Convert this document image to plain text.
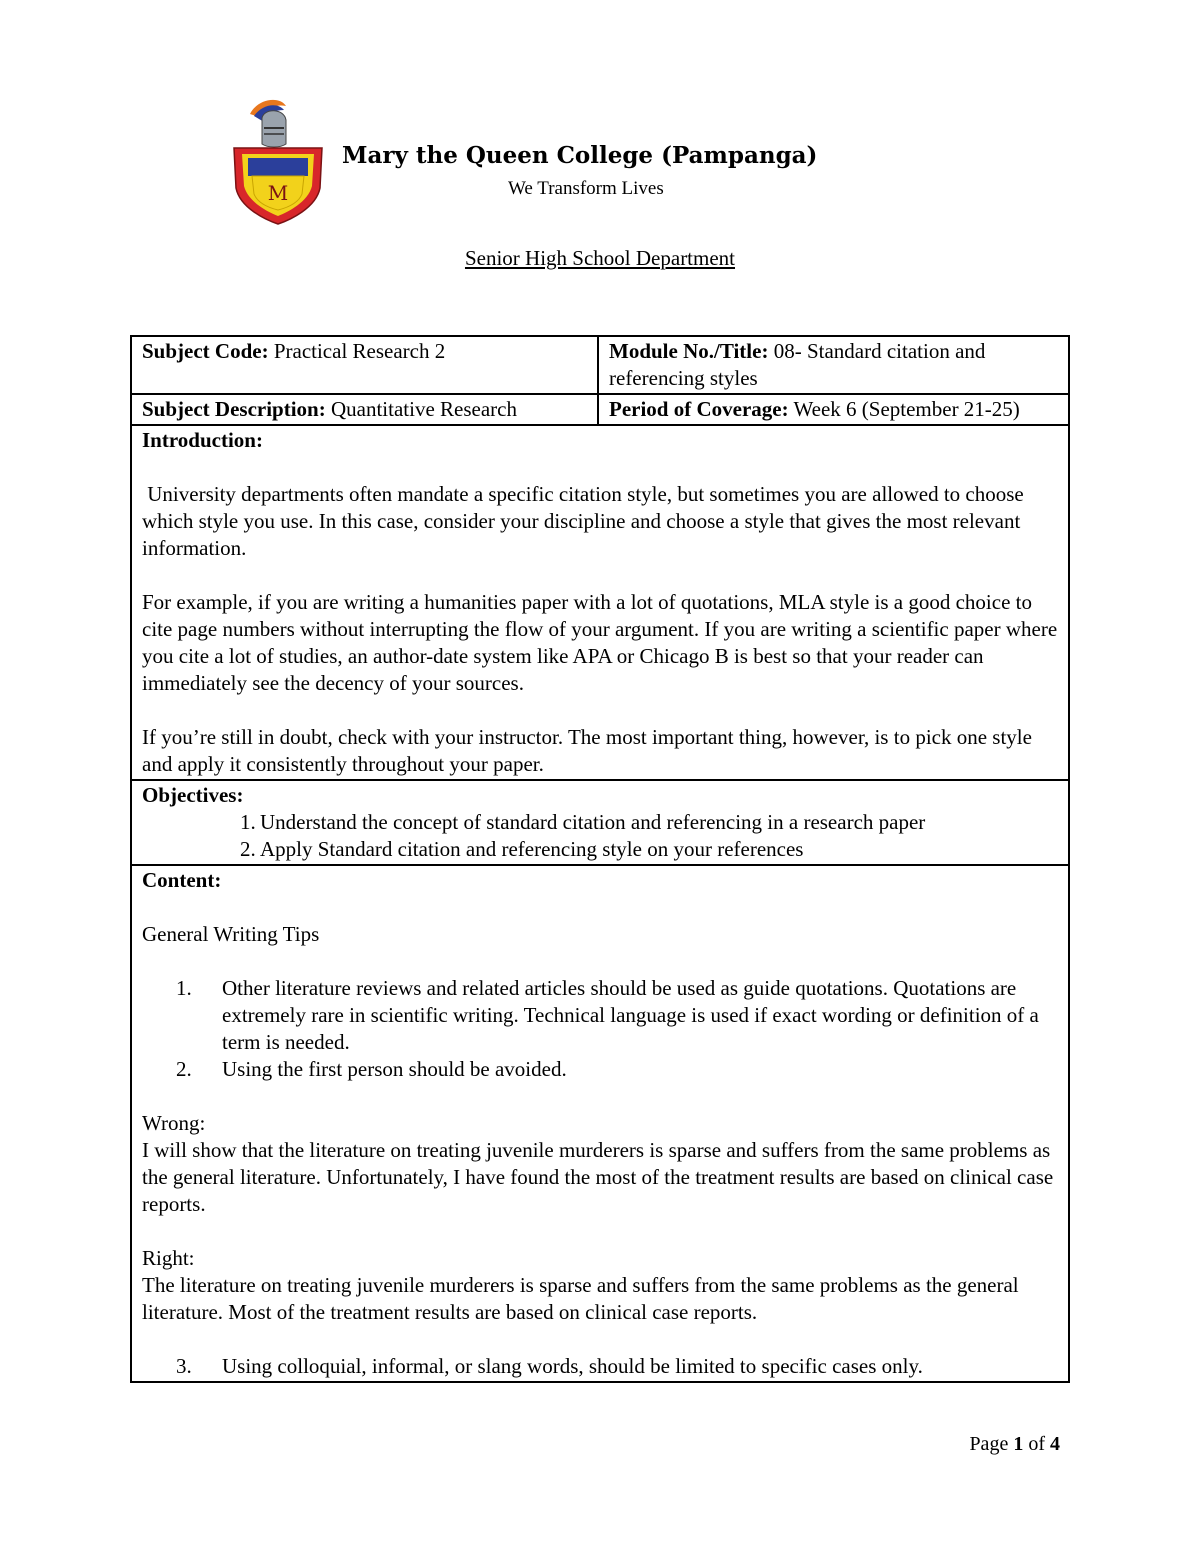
M
Mary the Queen College (Pampanga)
We Transform Lives
Senior High School Department
Subject Code: Practical Research 2	Module No./Title: 08- Standard citation and referencing styles
Subject Description: Quantitative Research	Period of Coverage: Week 6 (September 21-25)

Introduction:

University departments often mandate a specific citation style, but sometimes you are allowed to choose which style you use. In this case, consider your discipline and choose a style that gives the most relevant information.

For example, if you are writing a humanities paper with a lot of quotations, MLA style is a good choice to cite page numbers without interrupting the flow of your argument. If you are writing a scientific paper where you cite a lot of studies, an author-date system like APA or Chicago B is best so that your reader can immediately see the decency of your sources.

If you’re still in doubt, check with your instructor. The most important thing, however, is to pick one style and apply it consistently throughout your paper.

Objectives:

1. Understand the concept of standard citation and referencing in a research paper
2. Apply Standard citation and referencing style on your references

Content:

General Writing Tips

1.	Other literature reviews and related articles should be used as guide quotations. Quotations are extremely rare in scientific writing. Technical language is used if exact wording or definition of a term is needed.
2.	Using the first person should be avoided.

Wrong:

I will show that the literature on treating juvenile murderers is sparse and suffers from the same problems as the general literature. Unfortunately, I have found the most of the treatment results are based on clinical case reports.

Right:

The literature on treating juvenile murderers is sparse and suffers from the same problems as the general literature. Most of the treatment results are based on clinical case reports.

3.	Using colloquial, informal, or slang words, should be limited to specific cases only.
Page 1 of 4
